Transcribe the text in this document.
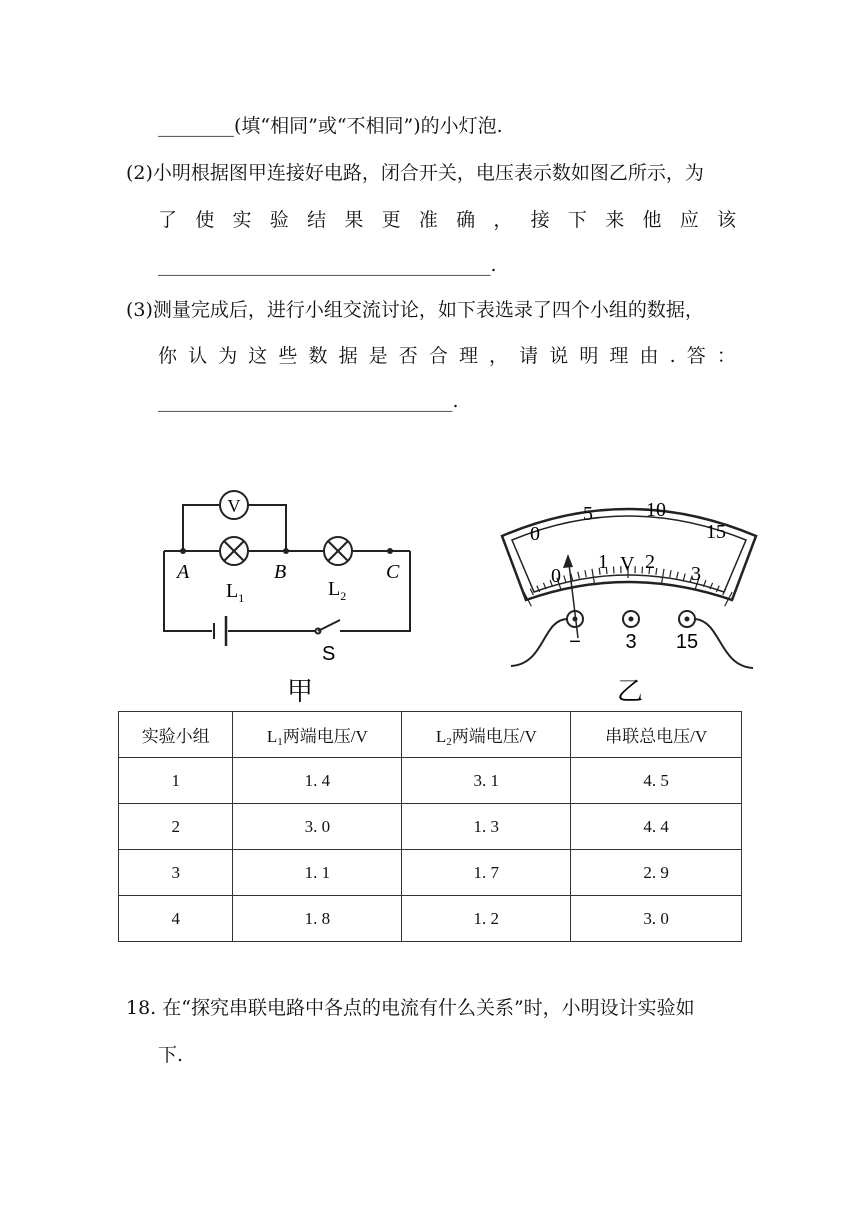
________(填“相同”或“不相同”)的小灯泡.
(2)小明根据图甲连接好电路，闭合开关，电压表示数如图乙所示，为
了 使 实 验 结 果 更 准 确 ， 接 下 来 他 应 该
___________________________________.
(3)测量完成后，进行小组交流讨论，如下表选录了四个小组的数据，
你 认 为 这 些 数 据 是 否 合 理 ， 请 说 明 理 由 . 答 ：
_______________________________.
V
A	B	C
$L_1$	$L_2$
S
甲
0
5	10
15
0
1 V 2
3
− 3 15
乙
实验小组	$L_1$两端电压/V	$L_2$两端电压/V	串联总电压/V
1	1. 4	3. 1	4. 5
2	3. 0	1. 3	4. 4
3	1. 1	1. 7	2. 9
4	1. 8	1. 2	3. 0
18. 在“探究串联电路中各点的电流有什么关系”时，小明设计实验如
下.
